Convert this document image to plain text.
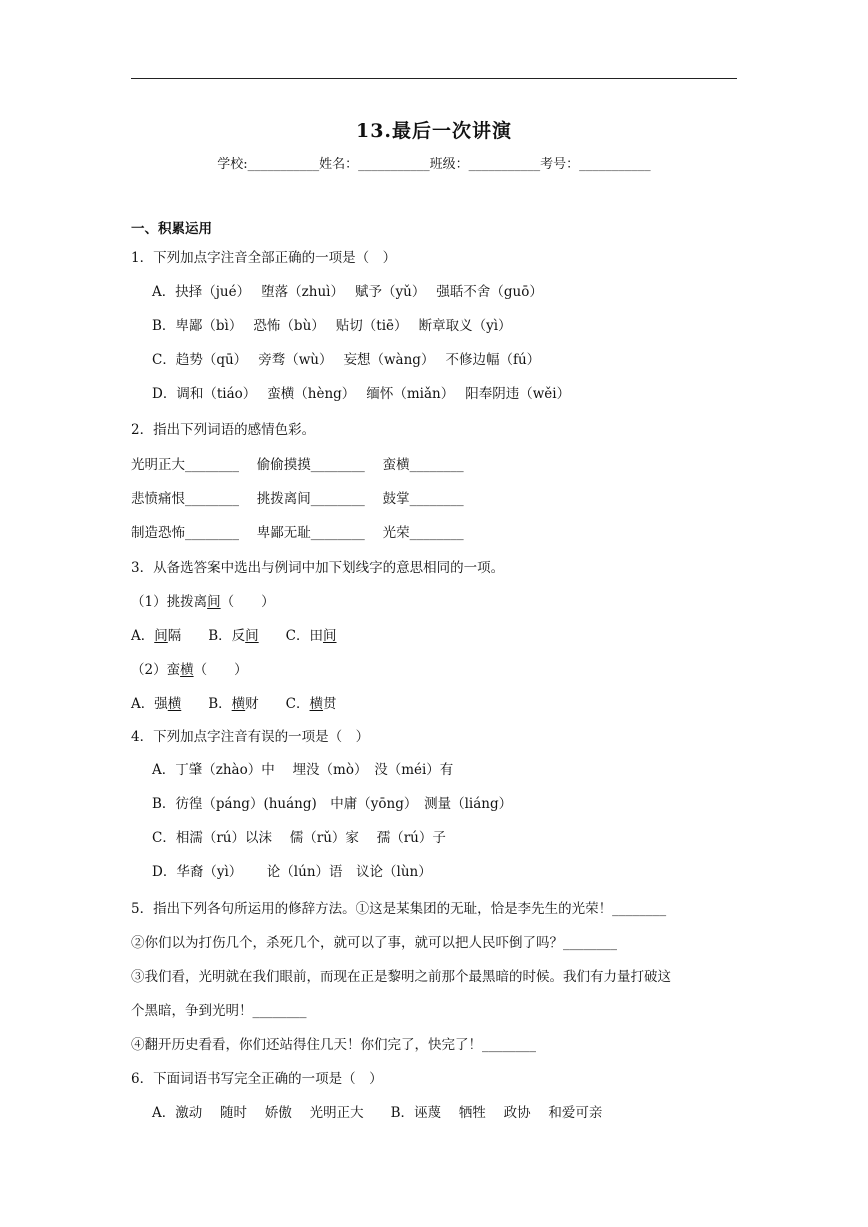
13.最后一次讲演
学校:___________姓名：___________班级：___________考号：___________
一、积累运用
1．下列加点字注音全部正确的一项是（　）
A．抉择（jué）　 堕落（zhuì）　 赋予（yǔ）　 强聒不舍（guō）
B．卑鄙（bì）　 恐怖（bù）　 贴切（tiē）　 断章取义（yì）
C．趋势（qū）　 旁骛（wù）　 妄想（wàng）　 不修边幅（fú）
D．调和（tiáo）　 蛮横（hèng）　 缅怀（miǎn）　 阳奉阴违（wěi）
2．指出下列词语的感情色彩。
光明正大________　 偷偷摸摸________　 蛮横________
悲愤痛恨________　 挑拨离间________　 鼓掌________
制造恐怖________　 卑鄙无耻________　 光荣________
3．从备选答案中选出与例词中加下划线字的意思相同的一项。
（1）挑拨离间（　　）
A．间隔　　B．反间　　 C．田间
（2）蛮横（　　）
A．强横　　 B．横财　　C．横贯
4．下列加点字注音有误的一项是（　）
A．丁肇（zhào）中　 埋没（mò）　没（méi）有
B．彷徨（páng）(huáng)　中庸（yōng）　测量（liáng）
C．相濡（rú）以沫　 儒（rǔ）家　 孺（rú）子
D．华裔（yì）　　 论（lún）语　议论（lùn）
5．指出下列各句所运用的修辞方法。①这是某集团的无耻，恰是李先生的光荣！________
②你们以为打伤几个，杀死几个，就可以了事，就可以把人民吓倒了吗？________
③我们看，光明就在我们眼前，而现在正是黎明之前那个最黑暗的时候。我们有力量打破这
个黑暗，争到光明！________
④翻开历史看看，你们还站得住几天！你们完了，快完了！________
6．下面词语书写完全正确的一项是（　）
A．激动　 随时　 娇傲　 光明正大　　B．诬蔑　 牺牲　 政协　 和爱可亲
